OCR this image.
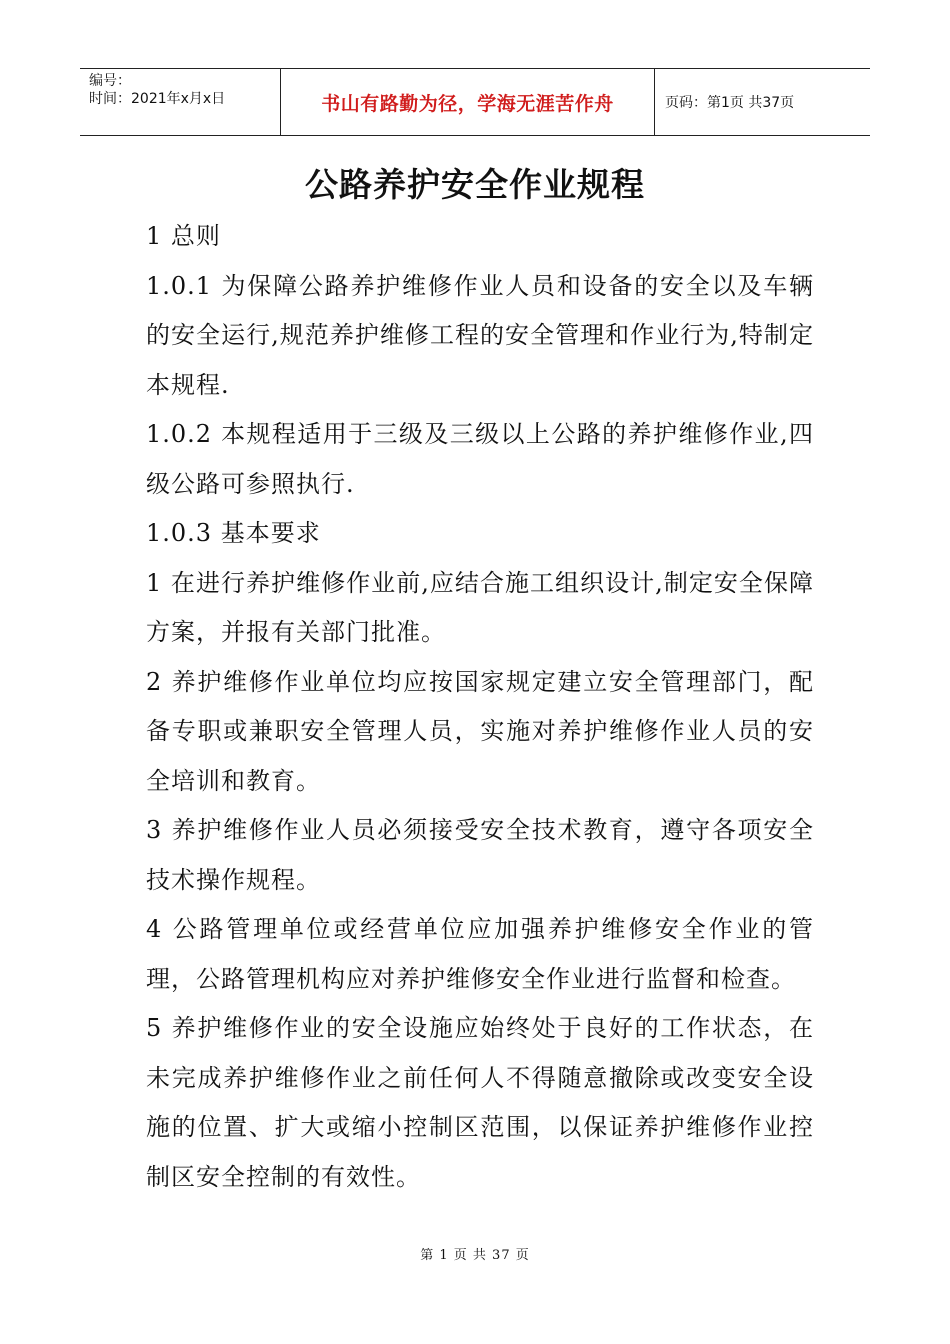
编号：
时间：2021年x月x日	书山有路勤为径，学海无涯苦作舟	页码：第1页 共37页
公路养护安全作业规程

1 总则

1.0.1 为保障公路养护维修作业人员和设备的安全以及车辆的安全运行,规范养护维修工程的安全管理和作业行为,特制定本规程.

1.0.2 本规程适用于三级及三级以上公路的养护维修作业,四级公路可参照执行.

1.0.3 基本要求

1 在进行养护维修作业前,应结合施工组织设计,制定安全保障方案，并报有关部门批准。

2 养护维修作业单位均应按国家规定建立安全管理部门，配备专职或兼职安全管理人员，实施对养护维修作业人员的安全培训和教育。

3 养护维修作业人员必须接受安全技术教育，遵守各项安全技术操作规程。

4 公路管理单位或经营单位应加强养护维修安全作业的管理，公路管理机构应对养护维修安全作业进行监督和检查。

5 养护维修作业的安全设施应始终处于良好的工作状态，在未完成养护维修作业之前任何人不得随意撤除或改变安全设施的位置、扩大或缩小控制区范围，以保证养护维修作业控制区安全控制的有效性。

第 1 页 共 37 页
